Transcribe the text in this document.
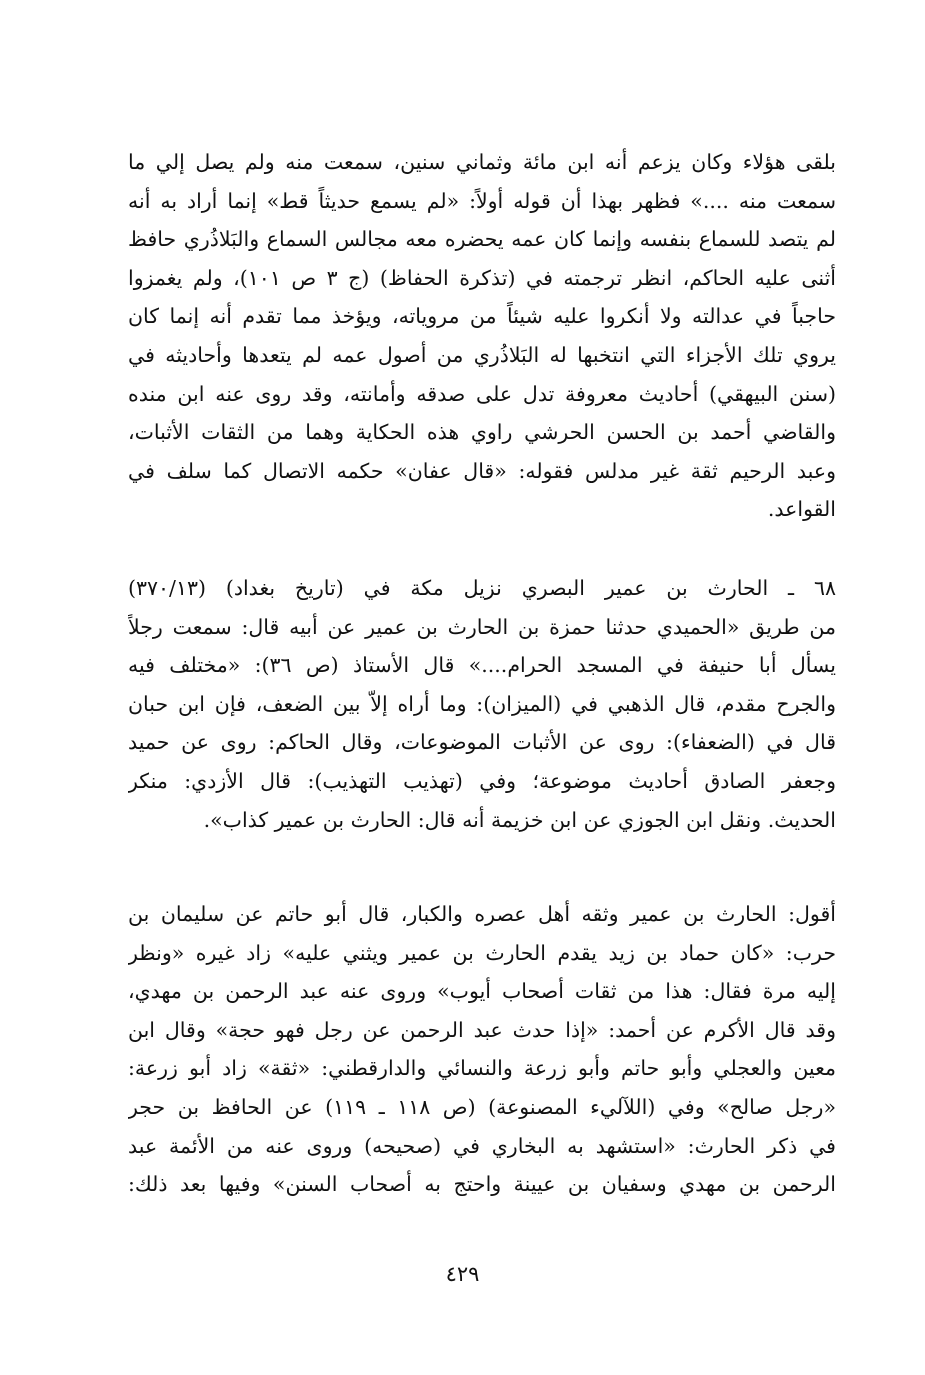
بلقى هؤلاء وكان يزعم أنه ابن مائة وثماني سنين، سمعت منه ولم يصل إلي ما
سمعت منه ....» فظهر بهذا أن قوله أولاً: «لم يسمع حديثاً قط» إنما أراد به أنه
لم يتصد للسماع بنفسه وإنما كان عمه يحضره معه مجالس السماع والبَلاذُري حافظ
أثنى عليه الحاكم، انظر ترجمته في (تذكرة الحفاظ) (ج ٣ ص ١٠١)، ولم يغمزوا
حاجباً في عدالته ولا أنكروا عليه شيئاً من مروياته، ويؤخذ مما تقدم أنه إنما كان
يروي تلك الأجزاء التي انتخبها له البَلاذُري من أصول عمه لم يتعدها وأحاديثه في
(سنن البيهقي) أحاديث معروفة تدل على صدقه وأمانته، وقد روى عنه ابن منده
والقاضي أحمد بن الحسن الحرشي راوي هذه الحكاية وهما من الثقات الأثبات،
وعبد الرحيم ثقة غير مدلس فقوله: «قال عفان» حكمه الاتصال كما سلف في
القواعد.
٦٨ ـ الحارث بن عمير البصري نزيل مكة في (تاريخ بغداد) (٣٧٠/١٣)
من طريق «الحميدي حدثنا حمزة بن الحارث بن عمير عن أبيه قال: سمعت رجلاً
يسأل أبا حنيفة في المسجد الحرام....» قال الأستاذ (ص ٣٦): «مختلف فيه
والجرح مقدم، قال الذهبي في (الميزان): وما أراه إلاّ بين الضعف، فإن ابن حبان
قال في (الضعفاء): روى عن الأثبات الموضوعات، وقال الحاكم: روى عن حميد
وجعفر الصادق أحاديث موضوعة؛ وفي (تهذيب التهذيب): قال الأزدي: منكر
الحديث. ونقل ابن الجوزي عن ابن خزيمة أنه قال: الحارث بن عمير كذاب».
أقول: الحارث بن عمير وثقه أهل عصره والكبار، قال أبو حاتم عن سليمان بن
حرب: «كان حماد بن زيد يقدم الحارث بن عمير ويثني عليه» زاد غيره «ونظر
إليه مرة فقال: هذا من ثقات أصحاب أيوب» وروى عنه عبد الرحمن بن مهدي،
وقد قال الأكرم عن أحمد: «إذا حدث عبد الرحمن عن رجل فهو حجة» وقال ابن
معين والعجلي وأبو حاتم وأبو زرعة والنسائي والدارقطني: «ثقة» زاد أبو زرعة:
«رجل صالح» وفي (اللآليء المصنوعة) (ص ١١٨ ـ ١١٩) عن الحافظ بن حجر
في ذكر الحارث: «استشهد به البخاري في (صحيحه) وروى عنه من الأئمة عبد
الرحمن بن مهدي وسفيان بن عيينة واحتج به أصحاب السنن» وفيها بعد ذلك:
٤٢٩
